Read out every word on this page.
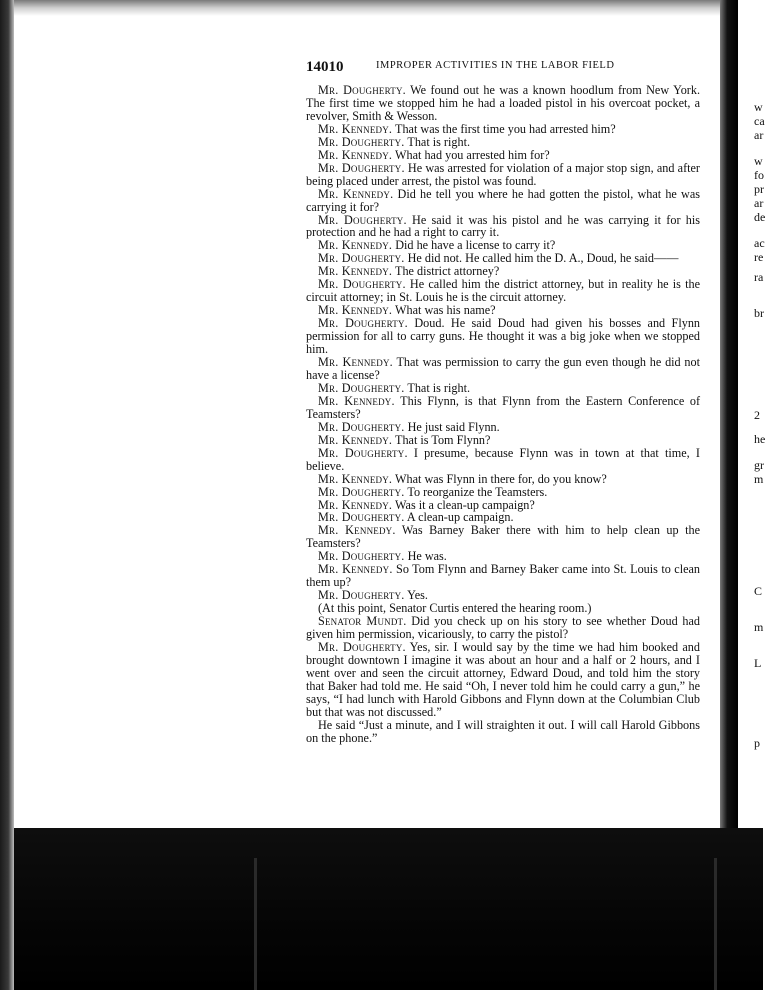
w
ca
ar
w
fo
pr
ar
de
ac
re
ra
br
2
he
gr
m
C
m
L
p
14010	IMPROPER ACTIVITIES IN THE LABOR FIELD

Mr. Dougherty. We found out he was a known hoodlum from New York. The first time we stopped him he had a loaded pistol in his overcoat pocket, a revolver, Smith & Wesson.

Mr. Kennedy. That was the first time you had arrested him?

Mr. Dougherty. That is right.

Mr. Kennedy. What had you arrested him for?

Mr. Dougherty. He was arrested for violation of a major stop sign, and after being placed under arrest, the pistol was found.

Mr. Kennedy. Did he tell you where he had gotten the pistol, what he was carrying it for?

Mr. Dougherty. He said it was his pistol and he was carrying it for his protection and he had a right to carry it.

Mr. Kennedy. Did he have a license to carry it?

Mr. Dougherty. He did not. He called him the D. A., Doud, he said——

Mr. Kennedy. The district attorney?

Mr. Dougherty. He called him the district attorney, but in reality he is the circuit attorney; in St. Louis he is the circuit attorney.

Mr. Kennedy. What was his name?

Mr. Dougherty. Doud. He said Doud had given his bosses and Flynn permission for all to carry guns. He thought it was a big joke when we stopped him.

Mr. Kennedy. That was permission to carry the gun even though he did not have a license?

Mr. Dougherty. That is right.

Mr. Kennedy. This Flynn, is that Flynn from the Eastern Conference of Teamsters?

Mr. Dougherty. He just said Flynn.

Mr. Kennedy. That is Tom Flynn?

Mr. Dougherty. I presume, because Flynn was in town at that time, I believe.

Mr. Kennedy. What was Flynn in there for, do you know?

Mr. Dougherty. To reorganize the Teamsters.

Mr. Kennedy. Was it a clean-up campaign?

Mr. Dougherty. A clean-up campaign.

Mr. Kennedy. Was Barney Baker there with him to help clean up the Teamsters?

Mr. Dougherty. He was.

Mr. Kennedy. So Tom Flynn and Barney Baker came into St. Louis to clean them up?

Mr. Dougherty. Yes.

(At this point, Senator Curtis entered the hearing room.)

Senator Mundt. Did you check up on his story to see whether Doud had given him permission, vicariously, to carry the pistol?

Mr. Dougherty. Yes, sir. I would say by the time we had him booked and brought downtown I imagine it was about an hour and a half or 2 hours, and I went over and seen the circuit attorney, Edward Doud, and told him the story that Baker had told me. He said “Oh, I never told him he could carry a gun,” he says, “I had lunch with Harold Gibbons and Flynn down at the Columbian Club but that was not discussed.”

He said “Just a minute, and I will straighten it out. I will call Harold Gibbons on the phone.”
